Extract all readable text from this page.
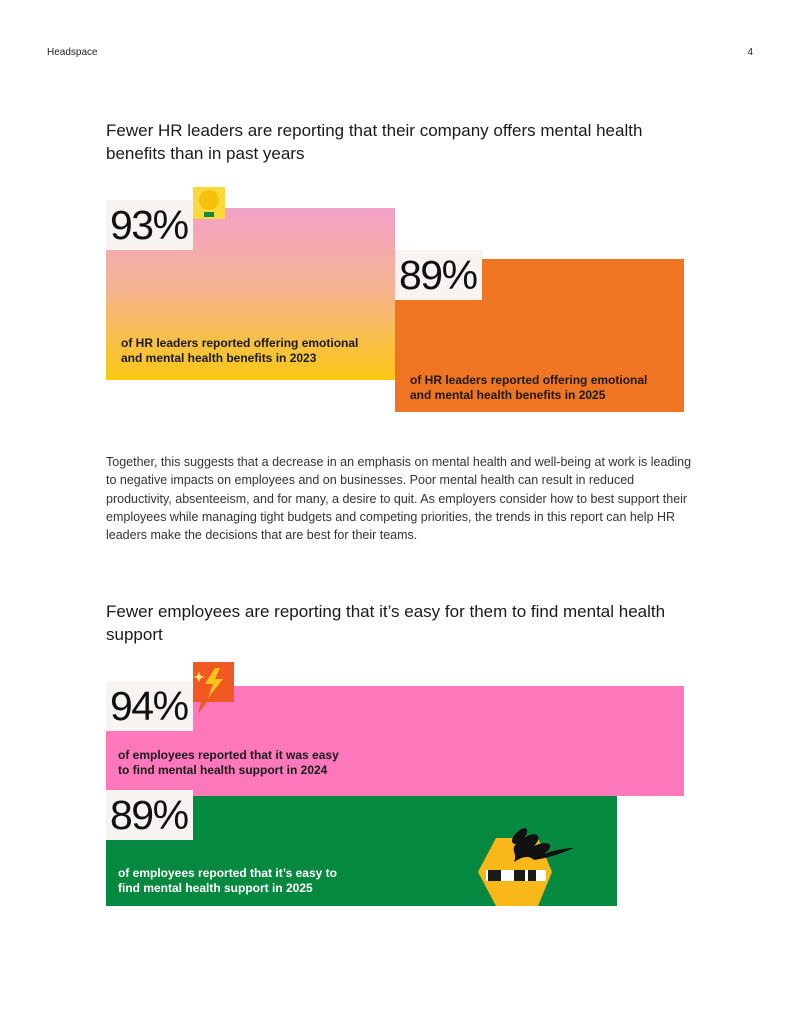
Headspace	4
Fewer HR leaders are reporting that their company offers mental health benefits than in past years
of HR leaders reported offering emotional
and mental health benefits in 2023
93%
of HR leaders reported offering emotional
and mental health benefits in 2025
89%
Together, this suggests that a decrease in an emphasis on mental health and well-being at work is leading to negative impacts on employees and on businesses. Poor mental health can result in reduced productivity, absenteeism, and for many, a desire to quit. As employers consider how to best support their employees while managing tight budgets and competing priorities, the trends in this report can help HR leaders make the decisions that are best for their teams.
Fewer employees are reporting that it’s easy for them to find mental health support
of employees reported that it was easy
to find mental health support in 2024
94%
of employees reported that it’s easy to
find mental health support in 2025
89%
